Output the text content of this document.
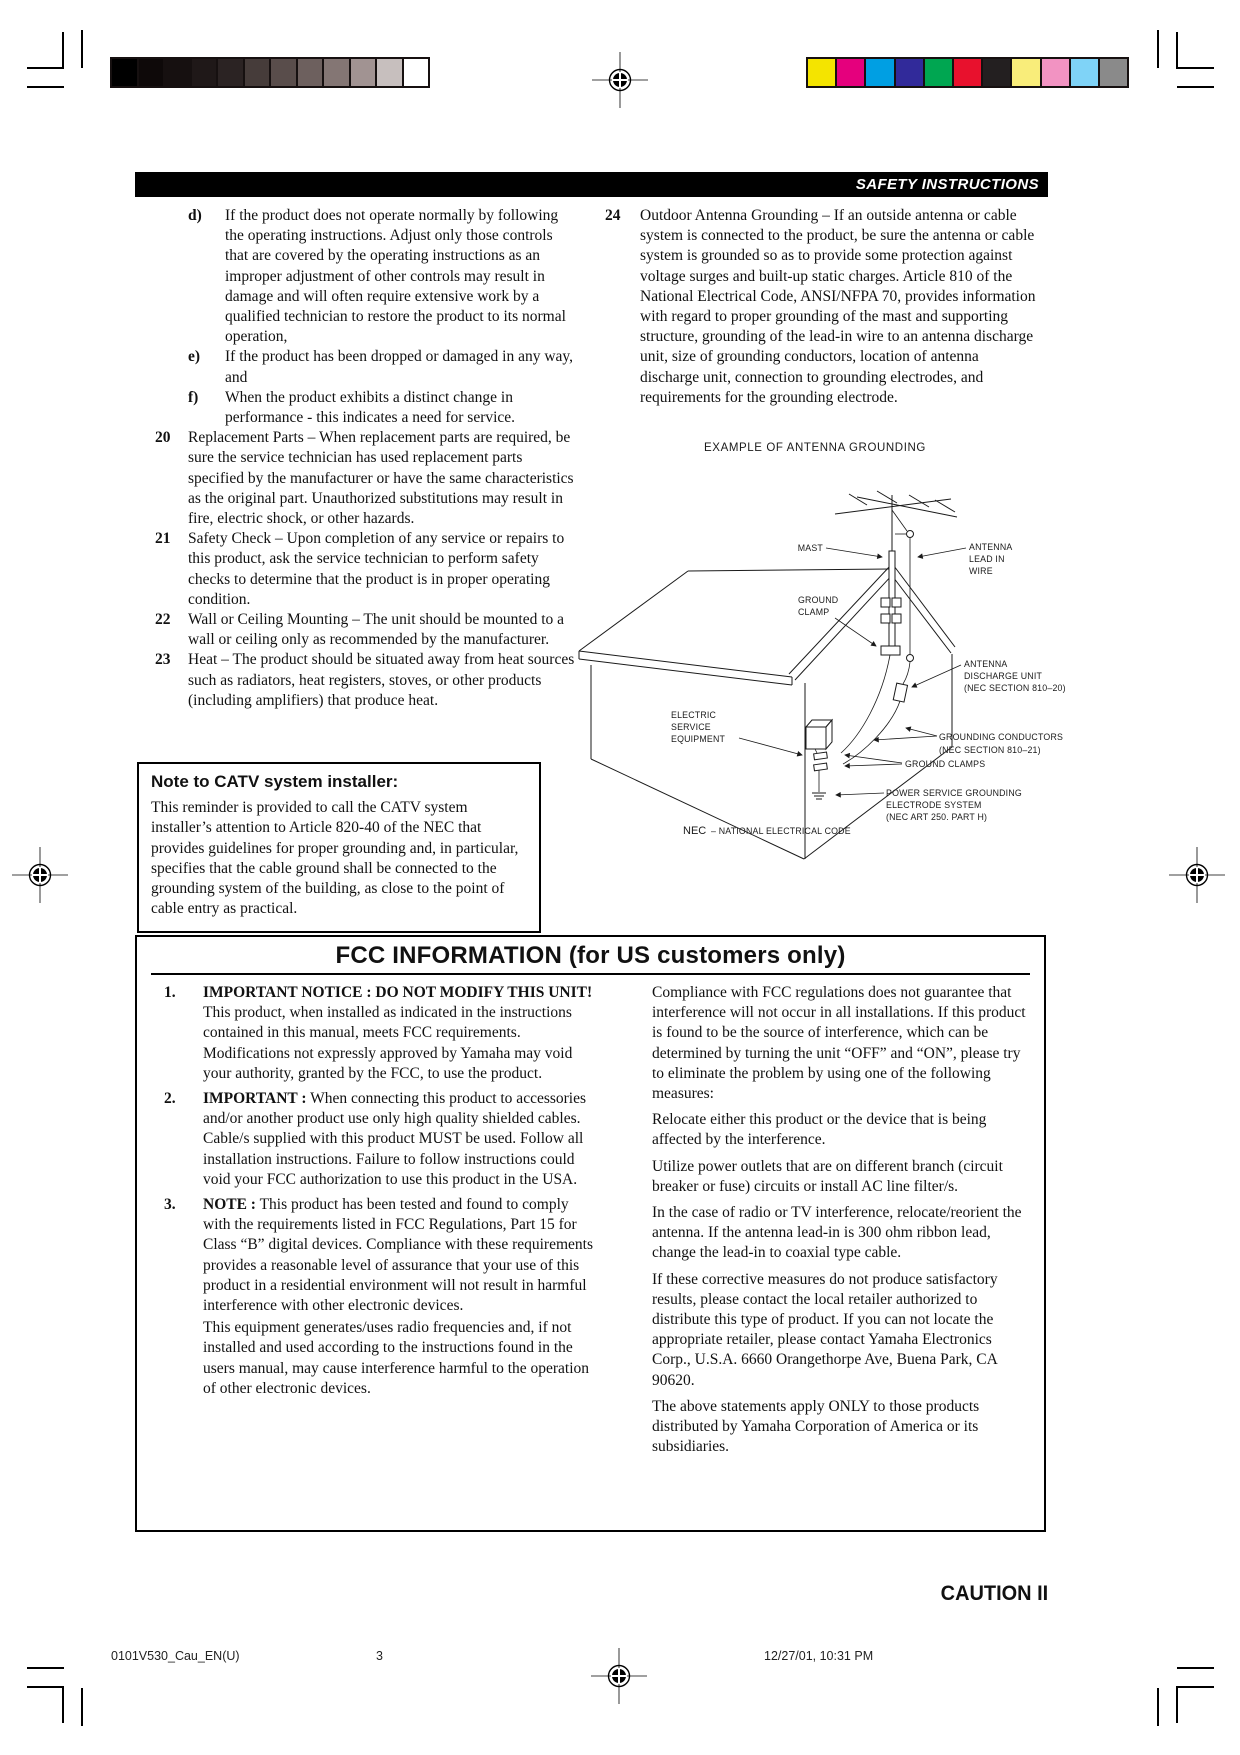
SAFETY INSTRUCTIONS
d) If the product does not operate normally by following the operating instructions. Adjust only those controls that are covered by the operating instructions as an improper adjustment of other controls may result in damage and will often require extensive work by a qualified technician to restore the product to its normal operation,
e) If the product has been dropped or damaged in any way, and
f) When the product exhibits a distinct change in performance - this indicates a need for service.
20 Replacement Parts – When replacement parts are required, be sure the service technician has used replacement parts specified by the manufacturer or have the same characteristics as the original part. Unauthorized substitutions may result in fire, electric shock, or other hazards.
21 Safety Check – Upon completion of any service or repairs to this product, ask the service technician to perform safety checks to determine that the product is in proper operating condition.
22 Wall or Ceiling Mounting – The unit should be mounted to a wall or ceiling only as recommended by the manufacturer.
23 Heat – The product should be situated away from heat sources such as radiators, heat registers, stoves, or other products (including amplifiers) that produce heat.
Note to CATV system installer:
This reminder is provided to call the CATV system installer’s attention to Article 820-40 of the NEC that provides guidelines for proper grounding and, in particular, specifies that the cable ground shall be connected to the grounding system of the building, as close to the point of cable entry as practical.
24 Outdoor Antenna Grounding – If an outside antenna or cable system is connected to the product, be sure the antenna or cable system is grounded so as to provide some protection against voltage surges and built-up static charges. Article 810 of the National Electrical Code, ANSI/NFPA 70, provides information with regard to proper grounding of the mast and supporting structure, grounding of the lead-in wire to an antenna discharge unit, size of grounding conductors, location of antenna discharge unit, connection to grounding electrodes, and requirements for the grounding electrode.
EXAMPLE OF ANTENNA GROUNDING
MAST	ANTENNA
LEAD IN
WIRE
GROUND
CLAMP
ANTENNA
DISCHARGE UNIT
(NEC SECTION 810–20)
ELECTRIC
SERVICE
EQUIPMENT	GROUNDING CONDUCTORS
(NEC SECTION 810–21)
GROUND CLAMPS
POWER SERVICE GROUNDING
ELECTRODE SYSTEM
(NEC ART 250. PART H)
NEC – NATIONAL ELECTRICAL CODE
FCC INFORMATION (for US customers only)
1. IMPORTANT NOTICE : DO NOT MODIFY THIS UNIT!
This product, when installed as indicated in the instructions contained in this manual, meets FCC requirements. Modifications not expressly approved by Yamaha may void your authority, granted by the FCC, to use the product.
2. IMPORTANT : When connecting this product to accessories and/or another product use only high quality shielded cables. Cable/s supplied with this product MUST be used. Follow all installation instructions. Failure to follow instructions could void your FCC authorization to use this product in the USA.
3. NOTE : This product has been tested and found to comply with the requirements listed in FCC Regulations, Part 15 for Class “B” digital devices. Compliance with these requirements provides a reasonable level of assurance that your use of this product in a residential environment will not result in harmful interference with other electronic devices.
This equipment generates/uses radio frequencies and, if not installed and used according to the instructions found in the users manual, may cause interference harmful to the operation of other electronic devices.

Compliance with FCC regulations does not guarantee that interference will not occur in all installations. If this product is found to be the source of interference, which can be determined by turning the unit “OFF” and “ON”, please try to eliminate the problem by using one of the following measures:

Relocate either this product or the device that is being affected by the interference.

Utilize power outlets that are on different branch (circuit breaker or fuse) circuits or install AC line filter/s.

In the case of radio or TV interference, relocate/reorient the antenna. If the antenna lead-in is 300 ohm ribbon lead, change the lead-in to coaxial type cable.

If these corrective measures do not produce satisfactory results, please contact the local retailer authorized to distribute this type of product. If you can not locate the appropriate retailer, please contact Yamaha Electronics Corp., U.S.A. 6660 Orangethorpe Ave, Buena Park, CA 90620.

The above statements apply ONLY to those products distributed by Yamaha Corporation of America or its subsidiaries.

CAUTION II
0101V530_Cau_EN(U)	3	12/27/01, 10:31 PM
